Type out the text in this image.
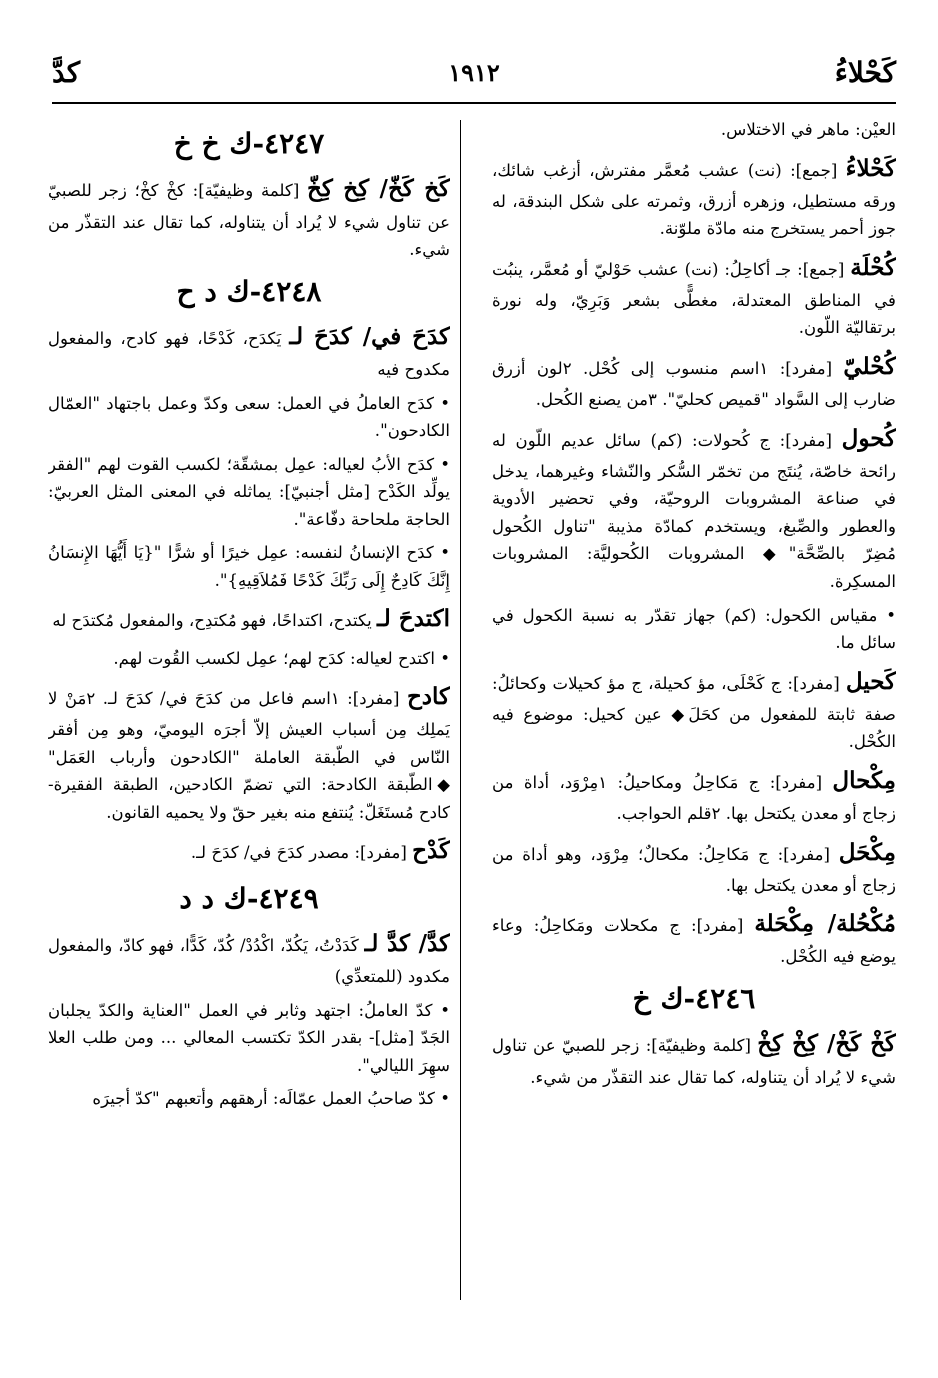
كَحْلاءُ
١٩١٢
كدَّ
العيْن: ماهر في الاختلاس.
كَحْلاءُ [جمع]: (نت) عشب مُعمَّر مفترش، أزغب شائك، ورقه مستطيل، وزهره أزرق، وثمرته على شكل البندقة، له جوز أحمر يستخرج منه مادّة ملوّنة.
كُحْلَة [جمع]: جـ أكاحِلُ: (نت) عشب حَوْليّ أو مُعمَّر، ينبُت في المناطق المعتدلة، مغطًّى بشعر وَبَرِيّ، وله نورة برتقاليّة اللّون.
كُحْليّ [مفرد]: ١اسم منسوب إلى كُحْل. ٢لون أزرق ضارب إلى السَّواد "قميص كحليّ". ٣من يصنع الكُحل.
كُحول [مفرد]: ج كُحولات: (كم) سائل عديم اللّون له رائحة خاصّة، يُنتَج من تخمّر السُّكر والنّشاء وغيرهما، يدخل في صناعة المشروبات الروحيّة، وفي تحضير الأدوية والعطور والصِّبغ، ويستخدم كمادّة مذيبة "تناول الكُحول مُضِرّ بالصِّحَّة"◆ المشروبات الكُحوليَّة: المشروبات المسكِرة.
• مقياس الكحول: (كم) جهاز تقدّر به نسبة الكحول في سائل ما.
كَحيل [مفرد]: ج كَحْلَى، مؤ كحيلة، ج مؤ كحيلات وكحائلُ: صفة ثابتة للمفعول من كحَلَ◆ عين كحيل: موضوع فيه الكُحْل.
مِكْحال [مفرد]: ج مَكاحِلُ ومكاحيلُ: ١مِرْوَد، أداة من زجاج أو معدن يكتحل بها. ٢قلم الحواجب.
مِكْحَل [مفرد]: ج مَكاحِلُ: مكحالٌ؛ مِرْوَد، وهو أداة من زجاج أو معدن يكتحل بها.
مُكْحُلة/ مِكْحَلة [مفرد]: ج مكحلات ومَكاحِلُ: وعاء يوضع فيه الكُحْل.
٤٢٤٦-ك خ
كَخْ كَخْ/ كِخْ كِخْ [كلمة وظيفيّة]: زجر للصبيّ عن تناول شيء لا يُراد أن يتناوله، كما تقال عند التقذّر من شيء.
٤٢٤٧-ك خ خ
كَخ كَخّ/ كِخ كِخّ [كلمة وظيفيّة]: كخْ كخْ؛ زجر للصبيّ عن تناول شيء لا يُراد أن يتناوله، كما تقال عند التقذّر من شيء.
٤٢٤٨-ك د ح
كدَحَ في/ كدَحَ لـ يَكدَح، كَدْحًا، فهو كادح، والمفعول مكدوح فيه
• كدَح العاملُ في العمل: سعى وكدّ وعمل باجتهاد "العمّال الكادحون".
• كدَح الأبُ لعياله: عمِل بمشقّة؛ لكسب القوت لهم "الفقر يولِّد الكَدْح [مثل أجنبيّ]: يماثله في المعنى المثل العربيّ: الحاجة ملحاحة دفّاعة".
• كدَح الإنسانُ لنفسه: عمِل خيرًا أو شرًّا "{يَا أَيُّهَا الإِنسَانُ إِنَّكَ كَادِحٌ إِلَى رَبِّكَ كَدْحًا فَمُلاَقِيهِ}".
اكتدحَ لـ يكتدح، اكتداحًا، فهو مُكتدِح، والمفعول مُكتدَح له
• اكتدح لعياله: كدَح لهم؛ عمِل لكسب القُوت لهم.
كادح [مفرد]: ١اسم فاعل من كدَحَ في/ كدَحَ لـ. ٢مَنْ لا يَملِك مِن أسباب العيش إلاّ أجرَه اليوميّ، وهو مِن أفقر النّاس في الطّبقة العاملة "الكادحون وأرباب العَمَل" ◆الطّبقة الكادحة: التي تضمّ الكادحين، الطبقة الفقيرة- كادح مُستَغَلّ: يُنتفع منه بغير حقّ ولا يحميه القانون.
كَدْح [مفرد]: مصدر كدَحَ في/ كدَحَ لـ.
٤٢٤٩-ك د د
كدَّ/ كدَّ لـ كَدَدْتُ، يَكُدّ، اكْدُدْ/ كُدّ، كَدًّا، فهو كادّ، والمفعول مكدود (للمتعدِّي)
• كدّ العاملُ: اجتهد وثابر في العمل "العناية والكدّ يجلبان الجَدّ [مثل]- بقدر الكدّ تكتسب المعالي ... ومن طلب العلا سهِرَ الليالي".
• كدّ صاحبُ العمل عمّالَه: أرهقهم وأتعبهم "كدّ أجيرَه
